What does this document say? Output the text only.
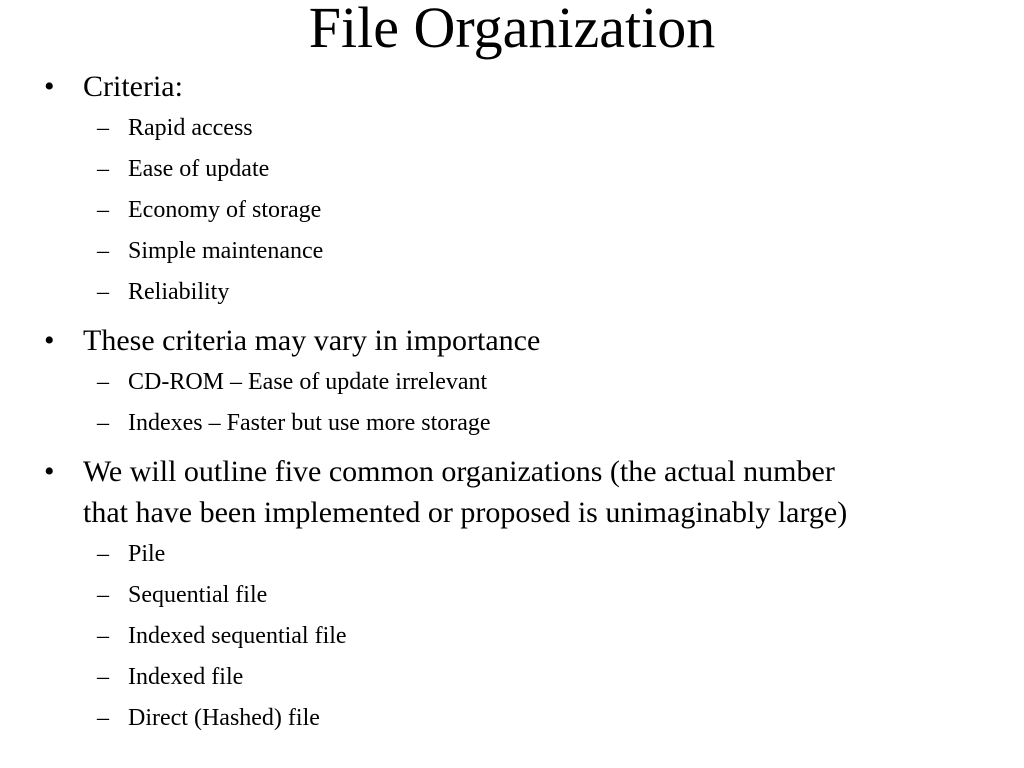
File Organization
• Criteria:
– Rapid access
– Ease of update
– Economy of storage
– Simple maintenance
– Reliability
• These criteria may vary in importance
– CD-ROM – Ease of update irrelevant
– Indexes – Faster but use more storage
• We will outline five common organizations (the actual number
that have been implemented or proposed is unimaginably large)
– Pile
– Sequential file
– Indexed sequential file
– Indexed file
– Direct (Hashed) file
